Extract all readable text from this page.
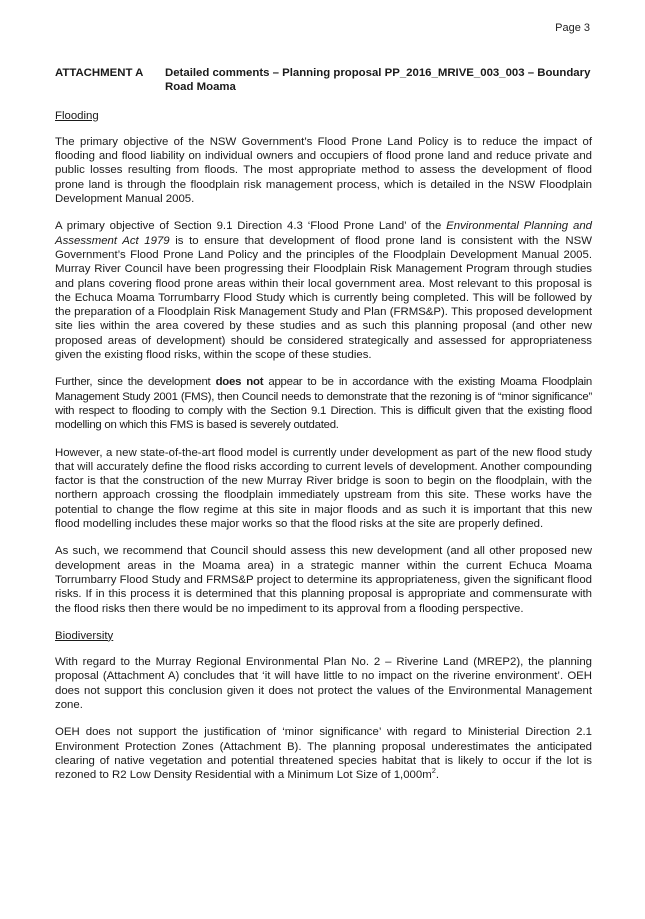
Page 3
ATTACHMENT A	Detailed comments – Planning proposal PP_2016_MRIVE_003_003 – Boundary Road Moama
Flooding

The primary objective of the NSW Government’s Flood Prone Land Policy is to reduce the impact of flooding and flood liability on individual owners and occupiers of flood prone land and reduce private and public losses resulting from floods. The most appropriate method to assess the development of flood prone land is through the floodplain risk management process, which is detailed in the NSW Floodplain Development Manual 2005.

A primary objective of Section 9.1 Direction 4.3 ‘Flood Prone Land’ of the Environmental Planning and Assessment Act 1979 is to ensure that development of flood prone land is consistent with the NSW Government’s Flood Prone Land Policy and the principles of the Floodplain Development Manual 2005. Murray River Council have been progressing their Floodplain Risk Management Program through studies and plans covering flood prone areas within their local government area. Most relevant to this proposal is the Echuca Moama Torrumbarry Flood Study which is currently being completed. This will be followed by the preparation of a Floodplain Risk Management Study and Plan (FRMS&P). This proposed development site lies within the area covered by these studies and as such this planning proposal (and other new proposed areas of development) should be considered strategically and assessed for appropriateness given the existing flood risks, within the scope of these studies.

Further, since the development does not appear to be in accordance with the existing Moama Floodplain Management Study 2001 (FMS), then Council needs to demonstrate that the rezoning is of “minor significance” with respect to flooding to comply with the Section 9.1 Direction. This is difficult given that the existing flood modelling on which this FMS is based is severely outdated.

However, a new state-of-the-art flood model is currently under development as part of the new flood study that will accurately define the flood risks according to current levels of development. Another compounding factor is that the construction of the new Murray River bridge is soon to begin on the floodplain, with the northern approach crossing the floodplain immediately upstream from this site. These works have the potential to change the flow regime at this site in major floods and as such it is important that this new flood modelling includes these major works so that the flood risks at the site are properly defined.

As such, we recommend that Council should assess this new development (and all other proposed new development areas in the Moama area) in a strategic manner within the current Echuca Moama Torrumbarry Flood Study and FRMS&P project to determine its appropriateness, given the significant flood risks. If in this process it is determined that this planning proposal is appropriate and commensurate with the flood risks then there would be no impediment to its approval from a flooding perspective.

Biodiversity

With regard to the Murray Regional Environmental Plan No. 2 – Riverine Land (MREP2), the planning proposal (Attachment A) concludes that ‘it will have little to no impact on the riverine environment’. OEH does not support this conclusion given it does not protect the values of the Environmental Management zone.

OEH does not support the justification of ‘minor significance’ with regard to Ministerial Direction 2.1 Environment Protection Zones (Attachment B). The planning proposal underestimates the anticipated clearing of native vegetation and potential threatened species habitat that is likely to occur if the lot is rezoned to R2 Low Density Residential with a Minimum Lot Size of $1,000m^2$.
